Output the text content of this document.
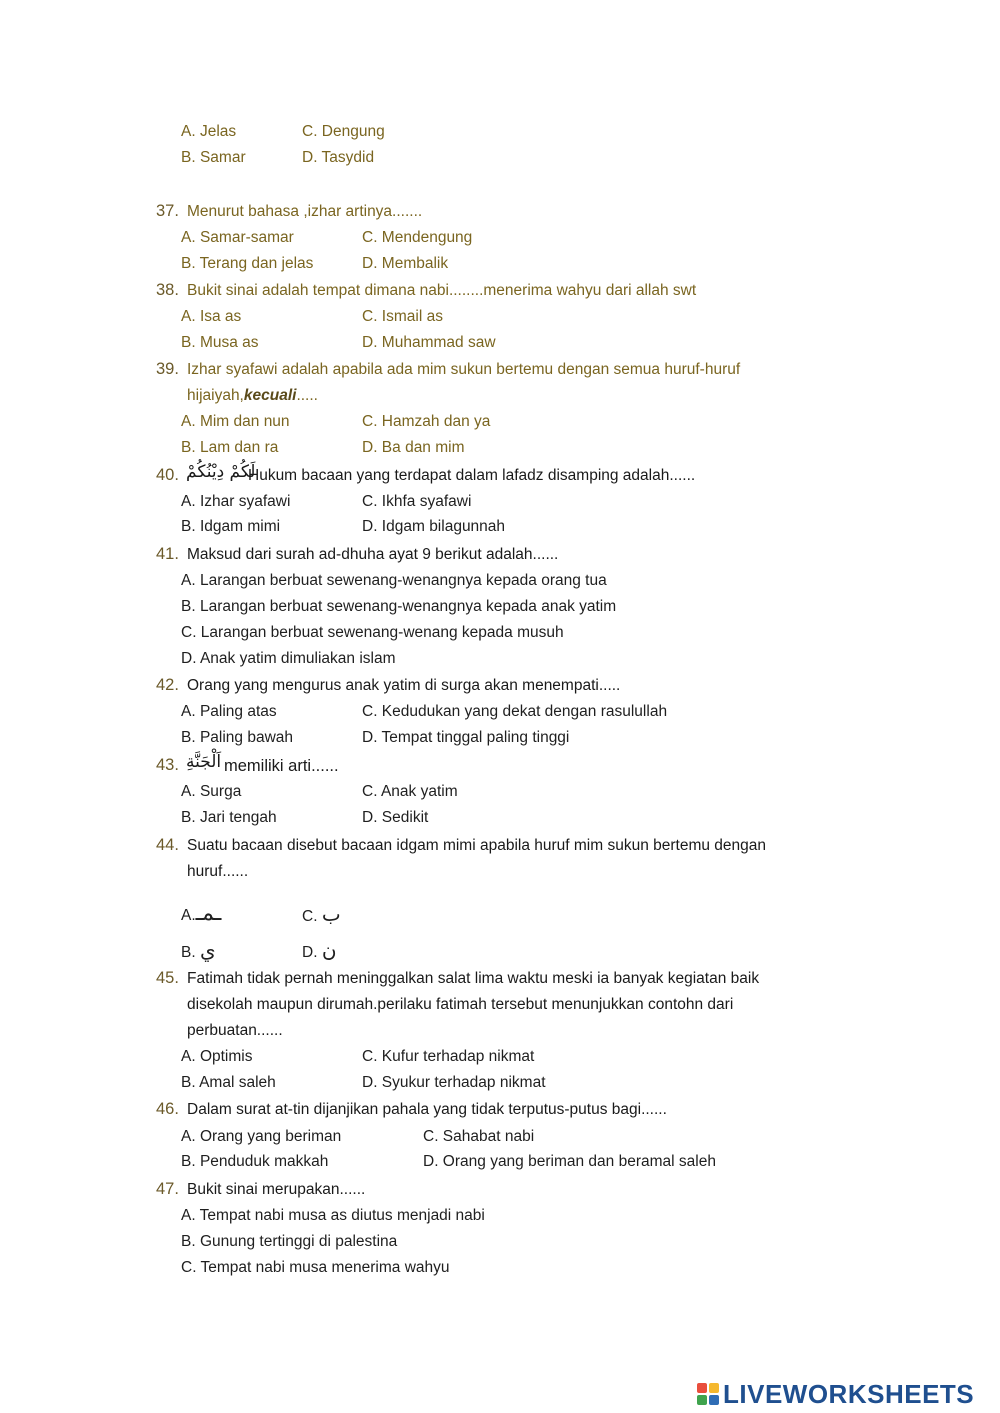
A. Jelas	C. Dengung
B. Samar	D. Tasydid
37. Menurut bahasa ,izhar artinya.......
A. Samar-samar	C. Mendengung
B. Terang dan jelas	D. Membalik
38. Bukit sinai adalah tempat dimana nabi........menerima wahyu dari allah swt
A. Isa as	C. Ismail as
B. Musa as	D. Muhammad saw
39. Izhar syafawi adalah apabila ada mim sukun bertemu dengan semua huruf-huruf
hijaiyah,kecuali.....
A. Mim dan nun	C. Hamzah dan ya
B. Lam dan ra	D. Ba dan mim
40. لَكُمْ دِيْنُكُمْ
Hukum bacaan yang terdapat dalam lafadz disamping adalah......
A. Izhar syafawi	C. Ikhfa syafawi
B. Idgam mimi	D. Idgam bilagunnah
41. Maksud dari surah ad-dhuha ayat 9 berikut adalah......
A. Larangan berbuat sewenang-wenangnya kepada orang tua
B. Larangan berbuat sewenang-wenangnya kepada anak yatim
C. Larangan berbuat sewenang-wenang kepada musuh
D. Anak yatim dimuliakan islam
42. Orang yang mengurus anak yatim di surga akan menempati.....
A. Paling atas	C. Kedudukan yang dekat dengan rasulullah
B. Paling bawah	D. Tempat tinggal paling tinggi
43. اَلْجَنَّةِ memiliki arti......
A. Surga	C. Anak yatim
B. Jari tengah	D. Sedikit
44. Suatu bacaan disebut bacaan idgam mimi apabila huruf mim sukun bertemu dengan
huruf......
A.ـمـ	C. ب
B. ي	D. ن
45. Fatimah tidak pernah meninggalkan salat lima waktu meski ia banyak kegiatan baik
disekolah maupun dirumah.perilaku fatimah tersebut menunjukkan contohn dari
perbuatan......
A. Optimis	C. Kufur terhadap nikmat
B. Amal saleh	D. Syukur terhadap nikmat
46. Dalam surat at-tin dijanjikan pahala yang tidak terputus-putus bagi......
A. Orang yang beriman	C. Sahabat nabi
B. Penduduk makkah	D. Orang yang beriman dan beramal saleh
47. Bukit sinai merupakan......
A. Tempat nabi musa as diutus menjadi nabi
B. Gunung tertinggi di palestina
C. Tempat nabi musa menerima wahyu
LIVEWORKSHEETS
